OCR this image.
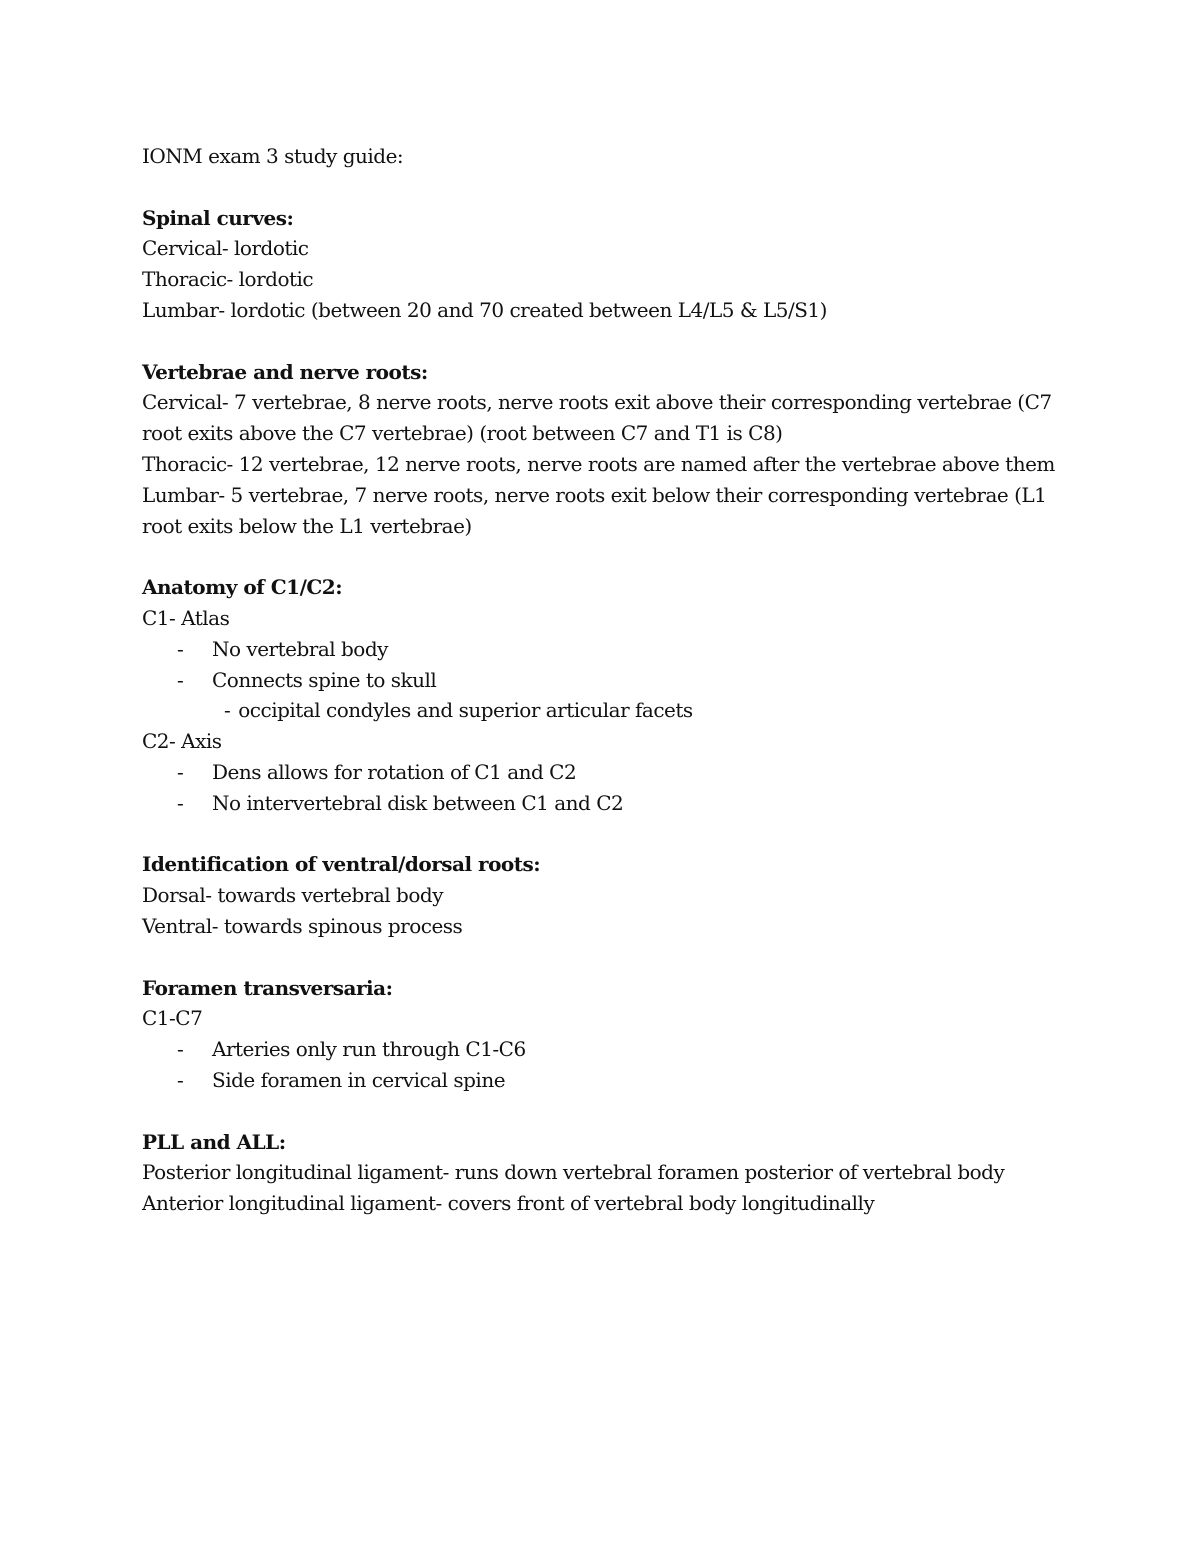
IONM exam 3 study guide:

Spinal curves:

Cervical- lordotic

Thoracic- lordotic

Lumbar- lordotic (between 20 and 70 created between L4/L5 & L5/S1)

Vertebrae and nerve roots:

Cervical- 7 vertebrae, 8 nerve roots, nerve roots exit above their corresponding vertebrae (C7 root exits above the C7 vertebrae) (root between C7 and T1 is C8)

Thoracic- 12 vertebrae, 12 nerve roots, nerve roots are named after the vertebrae above them

Lumbar- 5 vertebrae, 7 nerve roots, nerve roots exit below their corresponding vertebrae (L1 root exits below the L1 vertebrae)

Anatomy of C1/C2:

C1- Atlas

- No vertebral body

- Connects spine to skull

- occipital condyles and superior articular facets

C2- Axis

- Dens allows for rotation of C1 and C2

- No intervertebral disk between C1 and C2

Identification of ventral/dorsal roots:

Dorsal- towards vertebral body

Ventral- towards spinous process

Foramen transversaria:

C1-C7

- Arteries only run through C1-C6

- Side foramen in cervical spine

PLL and ALL:

Posterior longitudinal ligament- runs down vertebral foramen posterior of vertebral body

Anterior longitudinal ligament- covers front of vertebral body longitudinally
